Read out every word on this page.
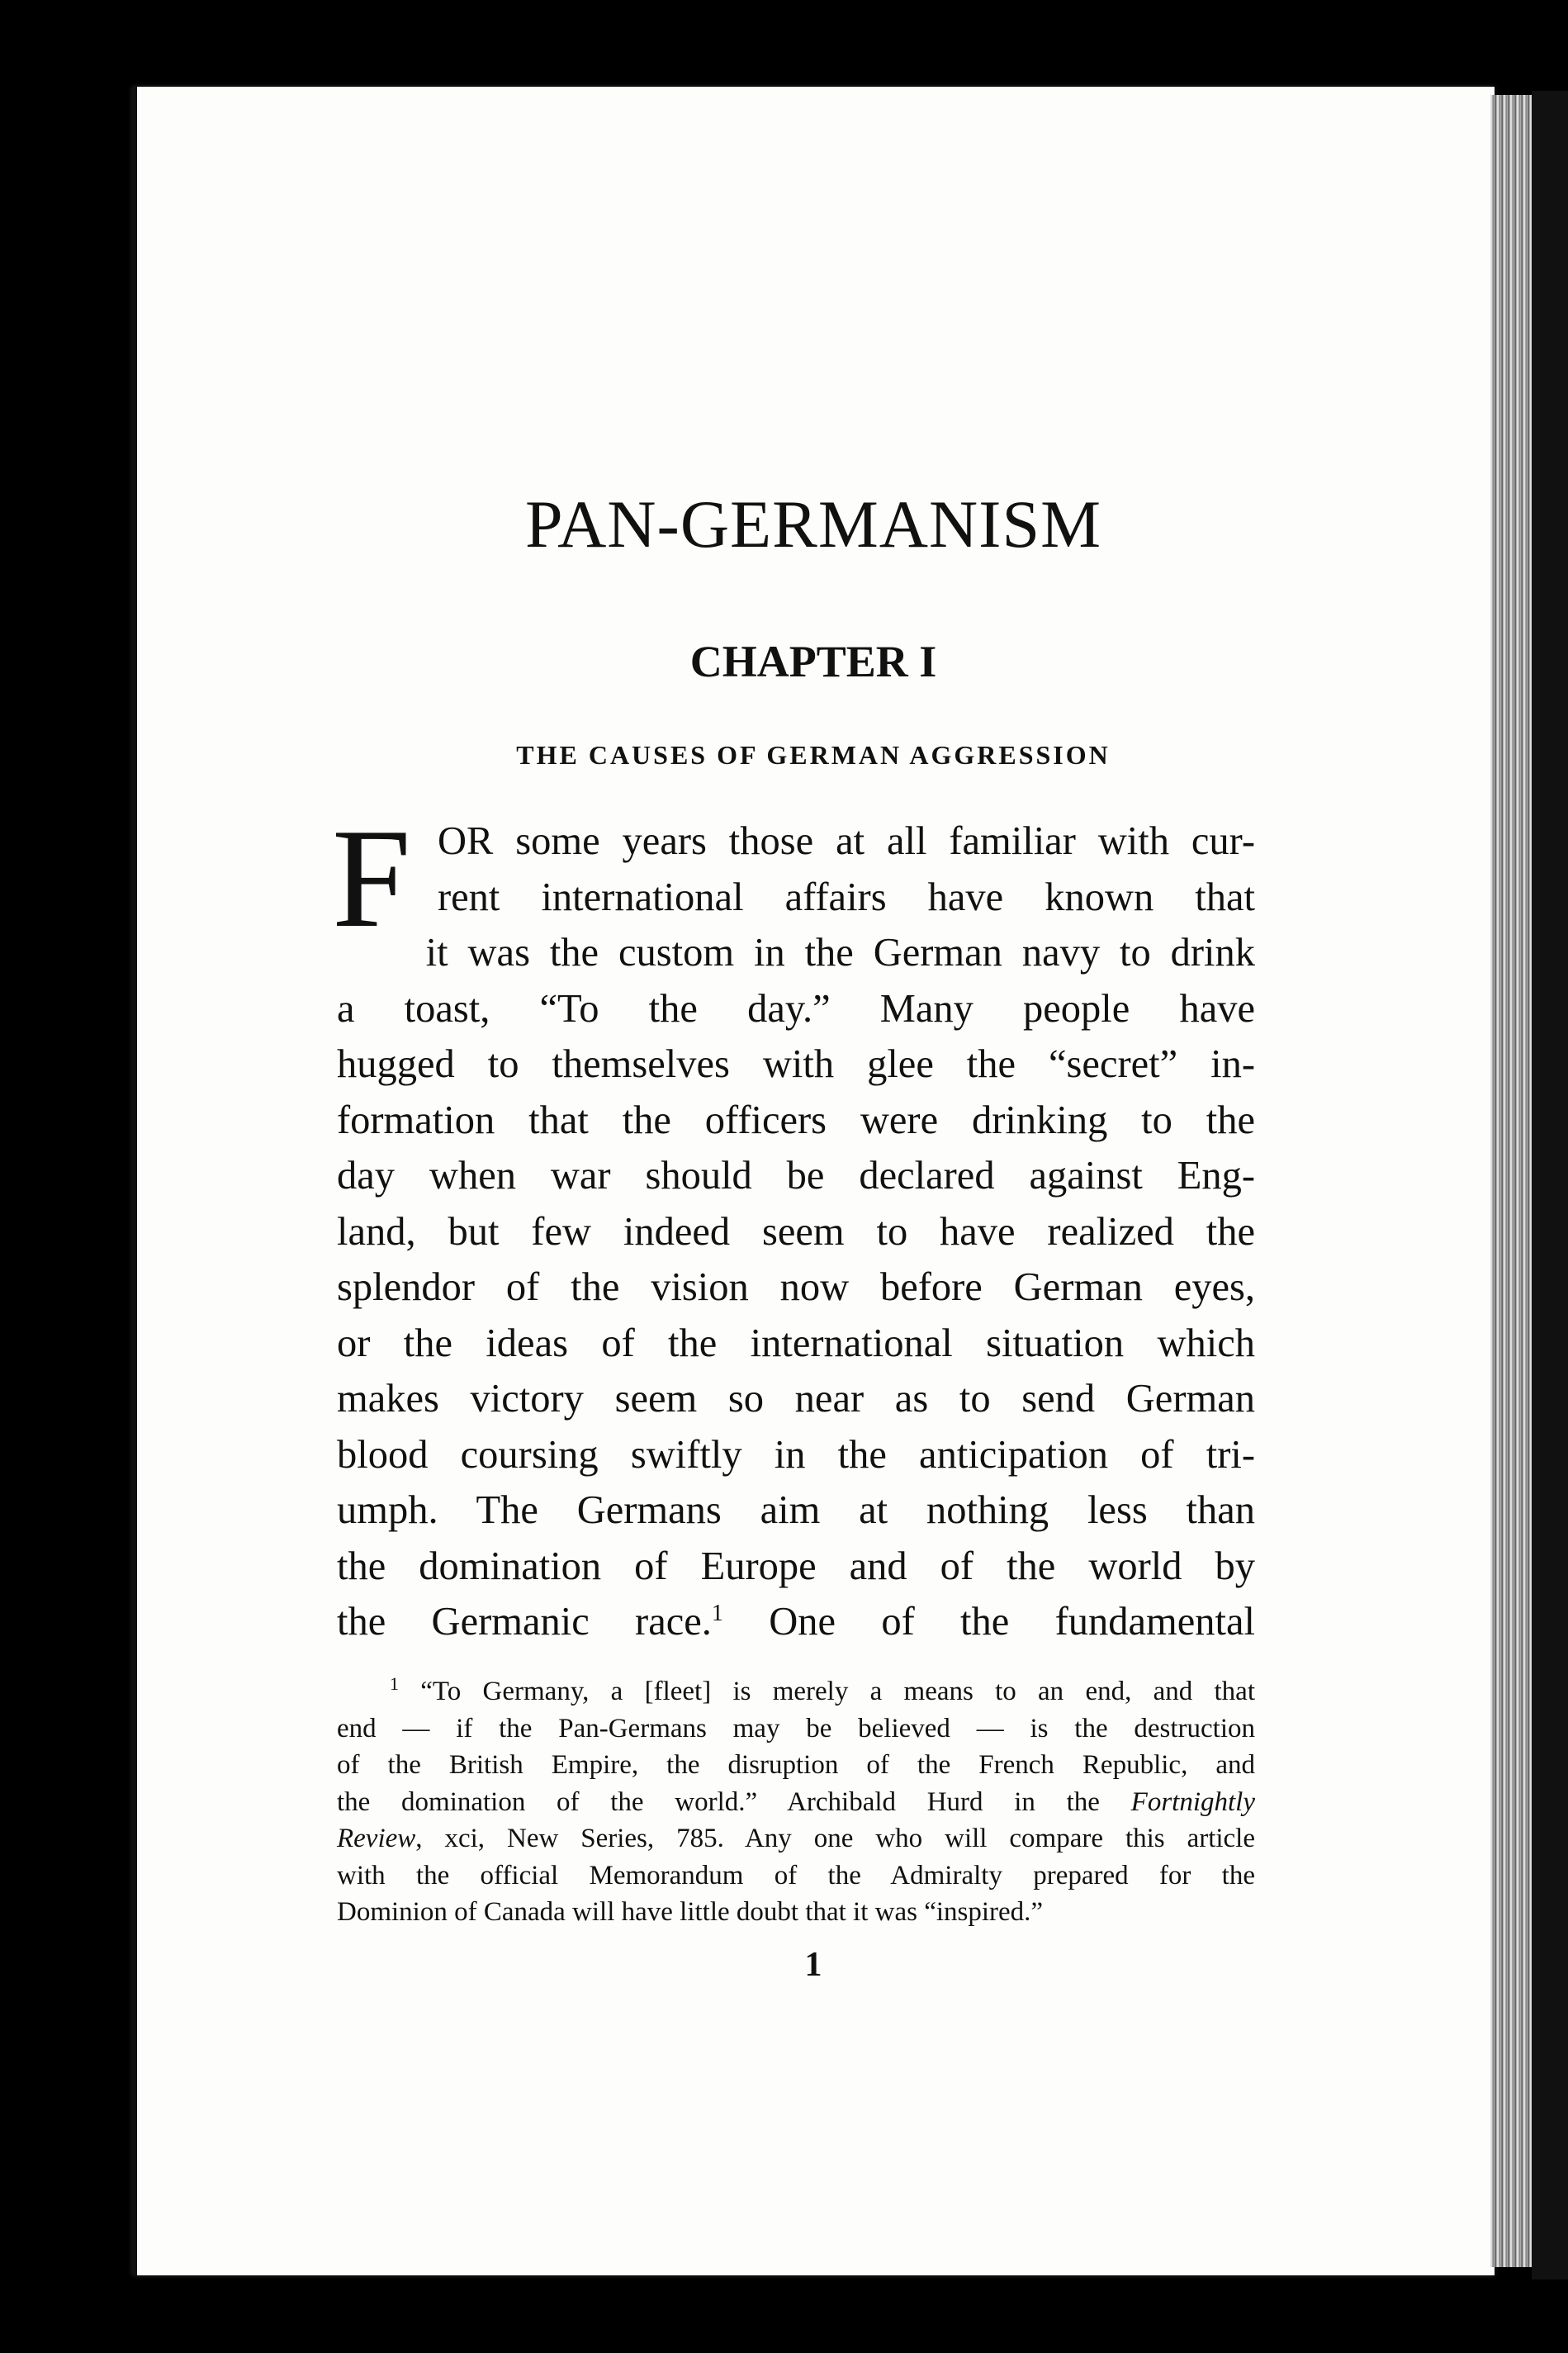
PAN-GERMANISM
CHAPTER I
THE CAUSES OF GERMAN AGGRESSION
F OR some years those at all familiar with cur-
rent international affairs have known that
it was the custom in the German navy to drink
a toast, “To the day.” Many people have
hugged to themselves with glee the “secret” in-
formation that the officers were drinking to the
day when war should be declared against Eng-
land, but few indeed seem to have realized the
splendor of the vision now before German eyes,
or the ideas of the international situation which
makes victory seem so near as to send German
blood coursing swiftly in the anticipation of tri-
umph. The Germans aim at nothing less than
the domination of Europe and of the world by
the Germanic race.$^1$ One of the fundamental
$^1$ “To Germany, a [fleet] is merely a means to an end, and that
end — if the Pan-Germans may be believed — is the destruction
of the British Empire, the disruption of the French Republic, and
the domination of the world.” Archibald Hurd in the Fortnightly
Review, xci, New Series, 785. Any one who will compare this article
with the official Memorandum of the Admiralty prepared for the
Dominion of Canada will have little doubt that it was “inspired.”
1
